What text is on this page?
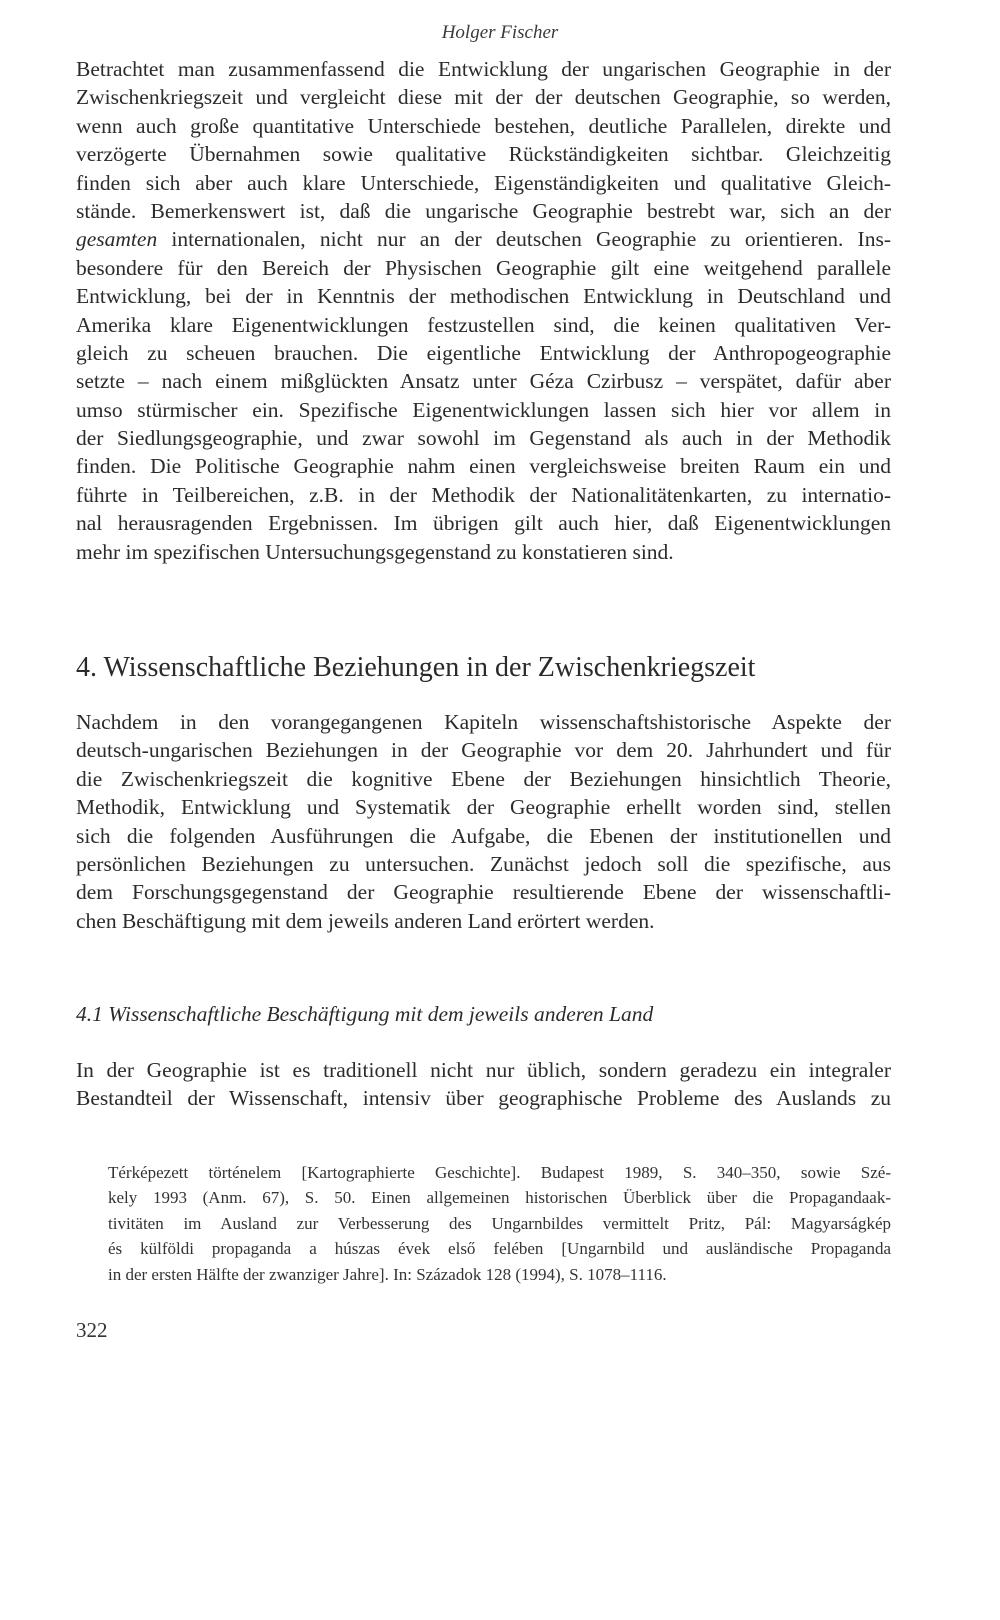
Holger Fischer
Betrachtet man zusammenfassend die Entwicklung der ungarischen Geographie in der
Zwischenkriegszeit und vergleicht diese mit der der deutschen Geographie, so werden,
wenn auch große quantitative Unterschiede bestehen, deutliche Parallelen, direkte und
verzögerte Übernahmen sowie qualitative Rückständigkeiten sichtbar. Gleichzeitig
finden sich aber auch klare Unterschiede, Eigenständigkeiten und qualitative Gleich-
stände. Bemerkenswert ist, daß die ungarische Geographie bestrebt war, sich an der
gesamten internationalen, nicht nur an der deutschen Geographie zu orientieren. Ins-
besondere für den Bereich der Physischen Geographie gilt eine weitgehend parallele
Entwicklung, bei der in Kenntnis der methodischen Entwicklung in Deutschland und
Amerika klare Eigenentwicklungen festzustellen sind, die keinen qualitativen Ver-
gleich zu scheuen brauchen. Die eigentliche Entwicklung der Anthropogeographie
setzte – nach einem mißglückten Ansatz unter Géza Czirbusz – verspätet, dafür aber
umso stürmischer ein. Spezifische Eigenentwicklungen lassen sich hier vor allem in
der Siedlungsgeographie, und zwar sowohl im Gegenstand als auch in der Methodik
finden. Die Politische Geographie nahm einen vergleichsweise breiten Raum ein und
führte in Teilbereichen, z.B. in der Methodik der Nationalitätenkarten, zu internatio-
nal herausragenden Ergebnissen. Im übrigen gilt auch hier, daß Eigenentwicklungen
mehr im spezifischen Untersuchungsgegenstand zu konstatieren sind.
4. Wissenschaftliche Beziehungen in der Zwischenkriegszeit
Nachdem in den vorangegangenen Kapiteln wissenschaftshistorische Aspekte der
deutsch-ungarischen Beziehungen in der Geographie vor dem 20. Jahrhundert und für
die Zwischenkriegszeit die kognitive Ebene der Beziehungen hinsichtlich Theorie,
Methodik, Entwicklung und Systematik der Geographie erhellt worden sind, stellen
sich die folgenden Ausführungen die Aufgabe, die Ebenen der institutionellen und
persönlichen Beziehungen zu untersuchen. Zunächst jedoch soll die spezifische, aus
dem Forschungsgegenstand der Geographie resultierende Ebene der wissenschaftli-
chen Beschäftigung mit dem jeweils anderen Land erörtert werden.
4.1 Wissenschaftliche Beschäftigung mit dem jeweils anderen Land
In der Geographie ist es traditionell nicht nur üblich, sondern geradezu ein integraler
Bestandteil der Wissenschaft, intensiv über geographische Probleme des Auslands zu
Térképezett történelem [Kartographierte Geschichte]. Budapest 1989, S. 340–350, sowie Szé-
kely 1993 (Anm. 67), S. 50. Einen allgemeinen historischen Überblick über die Propagandaak-
tivitäten im Ausland zur Verbesserung des Ungarnbildes vermittelt Pritz, Pál: Magyarságkép
és külföldi propaganda a húszas évek első felében [Ungarnbild und ausländische Propaganda
in der ersten Hälfte der zwanziger Jahre]. In: Századok 128 (1994), S. 1078–1116.
322
